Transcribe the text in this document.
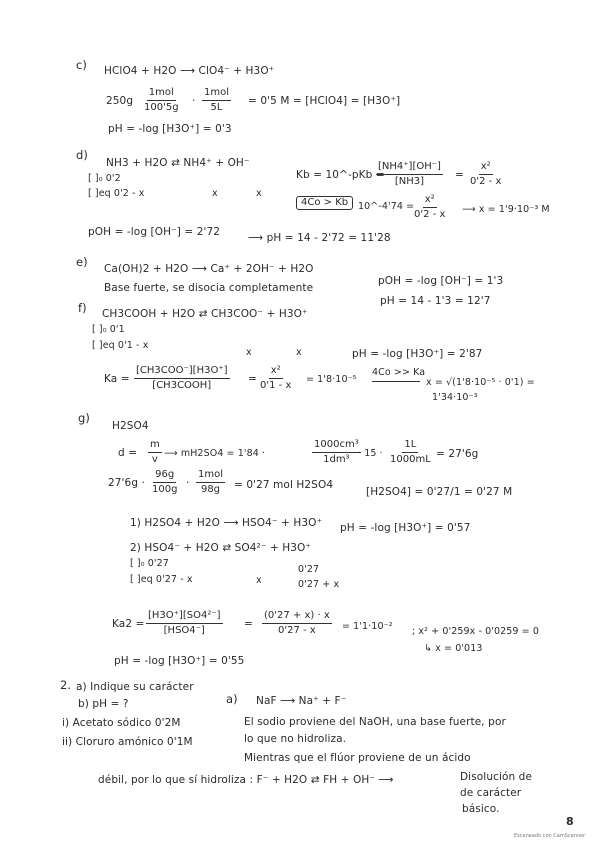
c) HClO4 + H2O ⟶ ClO4⁻ + H3O⁺
250g
1mol
100'5g
·
1mol
5L
= 0'5 M = [HClO4] = [H3O⁺]
pH = -log [H3O⁺] = 0'3
d)
NH3 + H2O ⇄ NH4⁺ + OH⁻
[ ]₀ 0'2
[ ]eq 0'2 - x	x	x
Kb = 10^-pKb =
$\frac{[NH4^+][OH^-]}{[NH3]} = \frac{\text{x²}}{0'2 - x}$
4Co > Kb	10^-4'74 = $\frac{\text{x²}}{0'2 - x}$ ⟶ x = 1'9·10⁻³ M
pOH = -log [OH⁻] = 2'72	⟶ pH = 14 - 2'72 = 11'28
e) Ca(OH)2 + H2O ⟶ Ca⁺ + 2OH⁻ + H2O
Base fuerte, se disocia completamente
pOH = -log [OH⁻] = 1'3
pH = 14 - 1'3 = 12'7
f) CH3COOH + H2O ⇄ CH3COO⁻ + H3O⁺
[ ]₀ 0'1
[ ]eq 0'1 - x
x	x	pH = -log [H3O⁺] = 2'87
Ka =
[CH3COO⁻][H3O⁺]
[CH3COOH]
= $\frac{\text{x²}}{0'1 - x} = 1'8\cdot 10^{-5}$
4Co >> Ka
x = √(1'8·10⁻⁵ · 0'1) =
1'34·10⁻³
g)
H2SO4
$d = \frac{m}{v}$ ⟶ mH2SO4 = 1'84 ·	$\frac{\text{1000cm³}}{\text{1dm³}}$
· $15 \cdot \frac{1L}{1000mL} = 27'6g$
$27'6g \cdot \frac{96g}{100g}$ ·
1mol
98g = 0'27 mol H2SO4
[H2SO4] = 0'27/1 = 0'27 M
1) H2SO4 + H2O ⟶ HSO4⁻ + H3O⁺ pH = -log [H3O⁺] = 0'57
2) HSO4⁻ + H2O ⇄ SO4²⁻ + H3O⁺
[ ]₀ 0'27
[ ]eq 0'27 - x	x
0'27
0'27 + x
Ka2 =
[H3O⁺][SO4²⁻]
[HSO4⁻]
= $\frac{(0'27 + x) \cdot x}{0'27 - x} = 1'1\cdot 10^{-2}$ ; x² + 0'259x - 0'0259 = 0
↳ x = 0'013
pH = -log [H3O⁺] = 0'55
2. a) Indique su carácter
b) pH = ?
i) Acetato sódico 0'2M
ii) Cloruro amónico 0'1M
a) NaF ⟶ Na⁺ + F⁻
El sodio proviene del NaOH, una base fuerte, por
lo que no hidroliza.
Mientras que el flúor proviene de un ácido
débil, por lo que sí hidroliza : F⁻ + H2O ⇄ FH + OH⁻ ⟶	Disolución de
de carácter
básico.
8
Escaneado con CamScanner
